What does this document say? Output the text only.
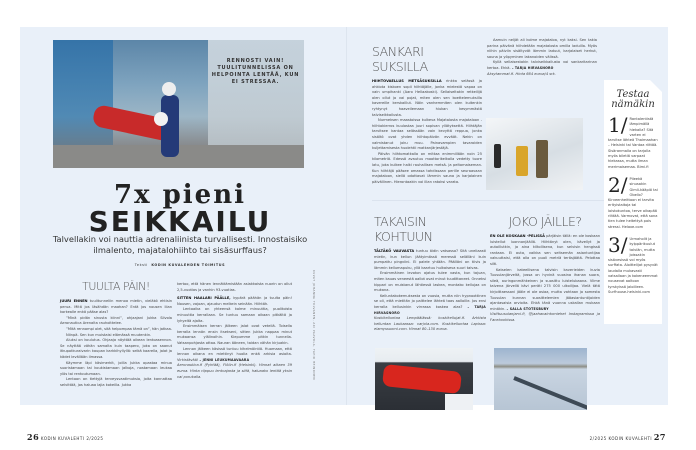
RENNOSTI VAIN! TUULITUNNELISSA ON HELPOINTA LENTÄÄ, KUN EI STRESSAA.
7x pieni
SEIKKAILU
Talvellakin voi nauttia adrenaliinista turvallisesti. Innostaisiko ilmalento, majatalohiihto tai sisäsurffaus?
Teksti KODIN KUVALEHDEN TOIMITUS
TUULTA PÄIN!

JUURI ENNEN tuulitunneliin menoa mietin, vieläkö ehtisin perua. Mitä jos läsähdän maahan? Entä jos nousen liian korkealle enkä pääse alas?

”Minä pidän sinusta kiinni”, ohjaajani Jukka Silvola Aeronautica Arenalta rauhoittelee.

”Mitä rennompi olet, sitä helpompaa tämä on”, hän jatkaa.

Niinpä. Sen kun muistaisi elämässä muutenkin.

Aluksi on koulutus. Ohjaaja näyttää oikean lentoasennon. Se näyttää vähän samalta kuin taapero, joka on saanut itkupotkuraivarin kaupan karkkihyllyllä: selkä kaarella, jalat ja kädet levällään ilmassa.

Käymme läpi käsimerkit, joilla Jukka opastaa minua suoristamaan tai koukistamaan jalkoja, nostamaan leukaa ylös tai rentoutumaan.

Lentoon on tiettyjä terveysvaatimuksia, joita kannattaa selvittää, jos haluaa lajia kokeilla. Jukka

kertoo, että hänen lennättämistään asiakkaista nuorin on ollut 2,5-vuotias ja vanhin 93-vuotias.

SITTEN HAALARI PÄÄLLE, kypärä päähän ja tuulta päin! Nousen, vajoan, ajaudun melkein seinään. Hiihtäh.

Lentoaika on yhteensä kolme minuuttia, puolitoista minuuttia kerrallaan. Se tuntuu samaan aikaan pitkältä ja lyhyeltä ajalta.

Ensimmäisen kerran jälkeen jalat ovat veteliä. Toisella kerralla lennän ensin itsekseni, sitten Jukka nappaa minut mukaansa ylälinoihin. Kiepumme pitkin tunnelia. Vatsanpohjasta ottaa. Nauran ääneen, taidan vähän kirjuakin.

Lennon jälkeen käsissä tuntuu kihelmöintiä. Huomaan, että lennon aikana en miettinyt huolia enkä arkisia asioita. Virkistävää! – JENNI LEUKUMAAVAARA

Aeronautica.fi (Pyhtää), Flöön.fi (Helsinki). Hinnat alkaen 39 euroa. Hinta riippuu lentoajasta ja siitä, haluaako lentää yksin vai porukalla.	KUVAT JOHANNA TOLVANEN, AKI PAAVOLA, TAPIO HEINONEN
SANKARI SUKSILLA

HIIHTOVAELLUS METSÄSUKSILLA rinkka selässä ja ahkiota kiskoen sopii hiihtäjälle, jonka mielestä vapaa on vain umpihanki (Aaro Hellaakoski). Sellaiseltakin retkeilijä olen ollut jo vai pojat, miten olen sen koettelemuksilla kavereille kerskaillut. Näin vanhemmiten olen kuitenkin ryhtynyt haaveilemaan hiukan kesymmästä talviseikkailusta.

Nurmeksen maastoissa kulkeva Majatalosta majataloon -hiihtokierros kuulostaa juuri sopivan yllätyksettä. Hiihtäjän tarvitsee kantaa selässään vain kevyttä reppua, jonka sisältö ovat yhden hiihtopäivän evväät. Nekin on valmistanut joku muu. Painavampien tavaroiden kuljettamisesta huolehtii matkanjärjestäjä.

Päivän hiihtomatkalla on mittaa enimmillään noin 25 kilometriä. Edessä avautuu moottorikelkalla vedetty tuore latu, joka kulkee halki rauhallisen metsä- ja peltomaiseman. Kun hiihtäjä pääsee omassa tahdissaan perille seuraavaan majataloon, siellä odottavat lämmin sauna ja karjalainen päivällinen. Hierontaakin voi illan ratoksi varata.

Aamuin neljät ali kolme majataloa, nyt kaksi. Sen takia parina päivänä hiihdetään majatalosta omilla laduilla. Myös niihin päiviin sisältyvät lämmin laduut, karjalaiset herkut, sauna ja yöpyminen lakanoiden välissä.

Kyllä sellaisestakin talviseikkailusta voi sankaritarinan kertoa. Ehkä. – TARJA HIRVASNORO

Aksytammat.fi. Hinta 664 euroa/4 srk.

TAKAISIN KOHTUUN

TÄLTÄKÖ VAUVASTA tuntuu äidin vatsassa? Sitä uneliaasti mietin, kun kellun jäätyimässä meressä selälläni kuin pumpattu pingviini. Ei palele yhtään. Päälläni on tiivis ja lämmin kellumapuku, yllä kaartuu hulkaiseva suuri taivas.

Ensimmäinen levoton ajatus tulee vasta, kun tajuan, miten kauas veneestä aallot ovat minut tuudittaneet. Onneksi kippari on muistanut lähtiessä laskea, montako kellujaa on mukana.

Kelluntakokemuksesta on vuosia, mutta niin hypnoottinen se oli, että mietitän jo palttelee lähteä taas aalloille. Jos ensi kerralla kellusinkin virrassa koskea alas? – TARJA HIRVASNORO

Koskikelluntaa Lempäälässä: koskikellujat.fi. Arktista kelluntaa Laukaassa: varjola.com. Koskikelluntaa Lapissa: elamyssuomi.com. Hinnat 80–130 euroa.

JOKO JÄILLE?

EN OLE KOSKAAN -PELISSÄ pärjäisin tällä: en ole koskaan luistellut luonnonjäällä. Hiihtänyt olen, kävellyt ja autoillutkin, ja aina kiltollisena, kun selvisin hengissä rantaan. Ei auta, vaikka sen seitsemän asiantuntijaa vakuuttaisi, että alla on puoli metriä teräsjäätä. Pelottaa silti.

Katselen kateellisena talvisin kaverieiden kuvia Tuusulanjärveltä, jossa on hyvinä vuosina ihanan suora, sileä, auringonmähkeinen ja suosittu luistelubaana. Viime talvena järvellä kävi peräti 275 000 ulkoilijaa. Vielä tätä kirjoittaessani jääle ei ole asiaa, mutta vahtaan jo somesta Tuusulan kunnan suosittelemien jääasiantuntijoiden ajantasaisia arvioita. Ehkä tänä vuonna uskallan mukaan minäkin. – SALLA STOTESBURY

Visittuusulanjarvi.fi, @jaahavaintomiehet Instagramissa ja Facebookissa.

Testaa
nämäkin
1/ Rantalentistä lämpimällä hiekalla? Sitä varten ei tarvitse lähteä Thaimaahan – Helsinki tai Vantaa riittää. Sisäranmalla on tarjolla myös biletiä varpaat hiekassa, mutta ilman merimaisemaa. Bimi.fi
2/ Pileekä sinusakin Gimli-kääpiö tai Obelix? Kirveenheittoon ei tarvita erityistaitoja tai loistokuntoa, terve oikapää riittää. Varmovat, että sona tien tulee heitettyä pois stressi. Helaxe.com
3/ Urmaholit ja kylppärikuulut talviän, mutta joissakin sisävesissä voi myös surffata. Aloittelijat pysyvät laudalla mukavasti vatsallaan ja kokeneemmat nousevat aaltoon tyrskyissä jaloilleen. Surfhouse-helsinki.com
26 KODIN KUVALEHTI 2/2025	2/2025 KODIN KUVALEHTI 27
